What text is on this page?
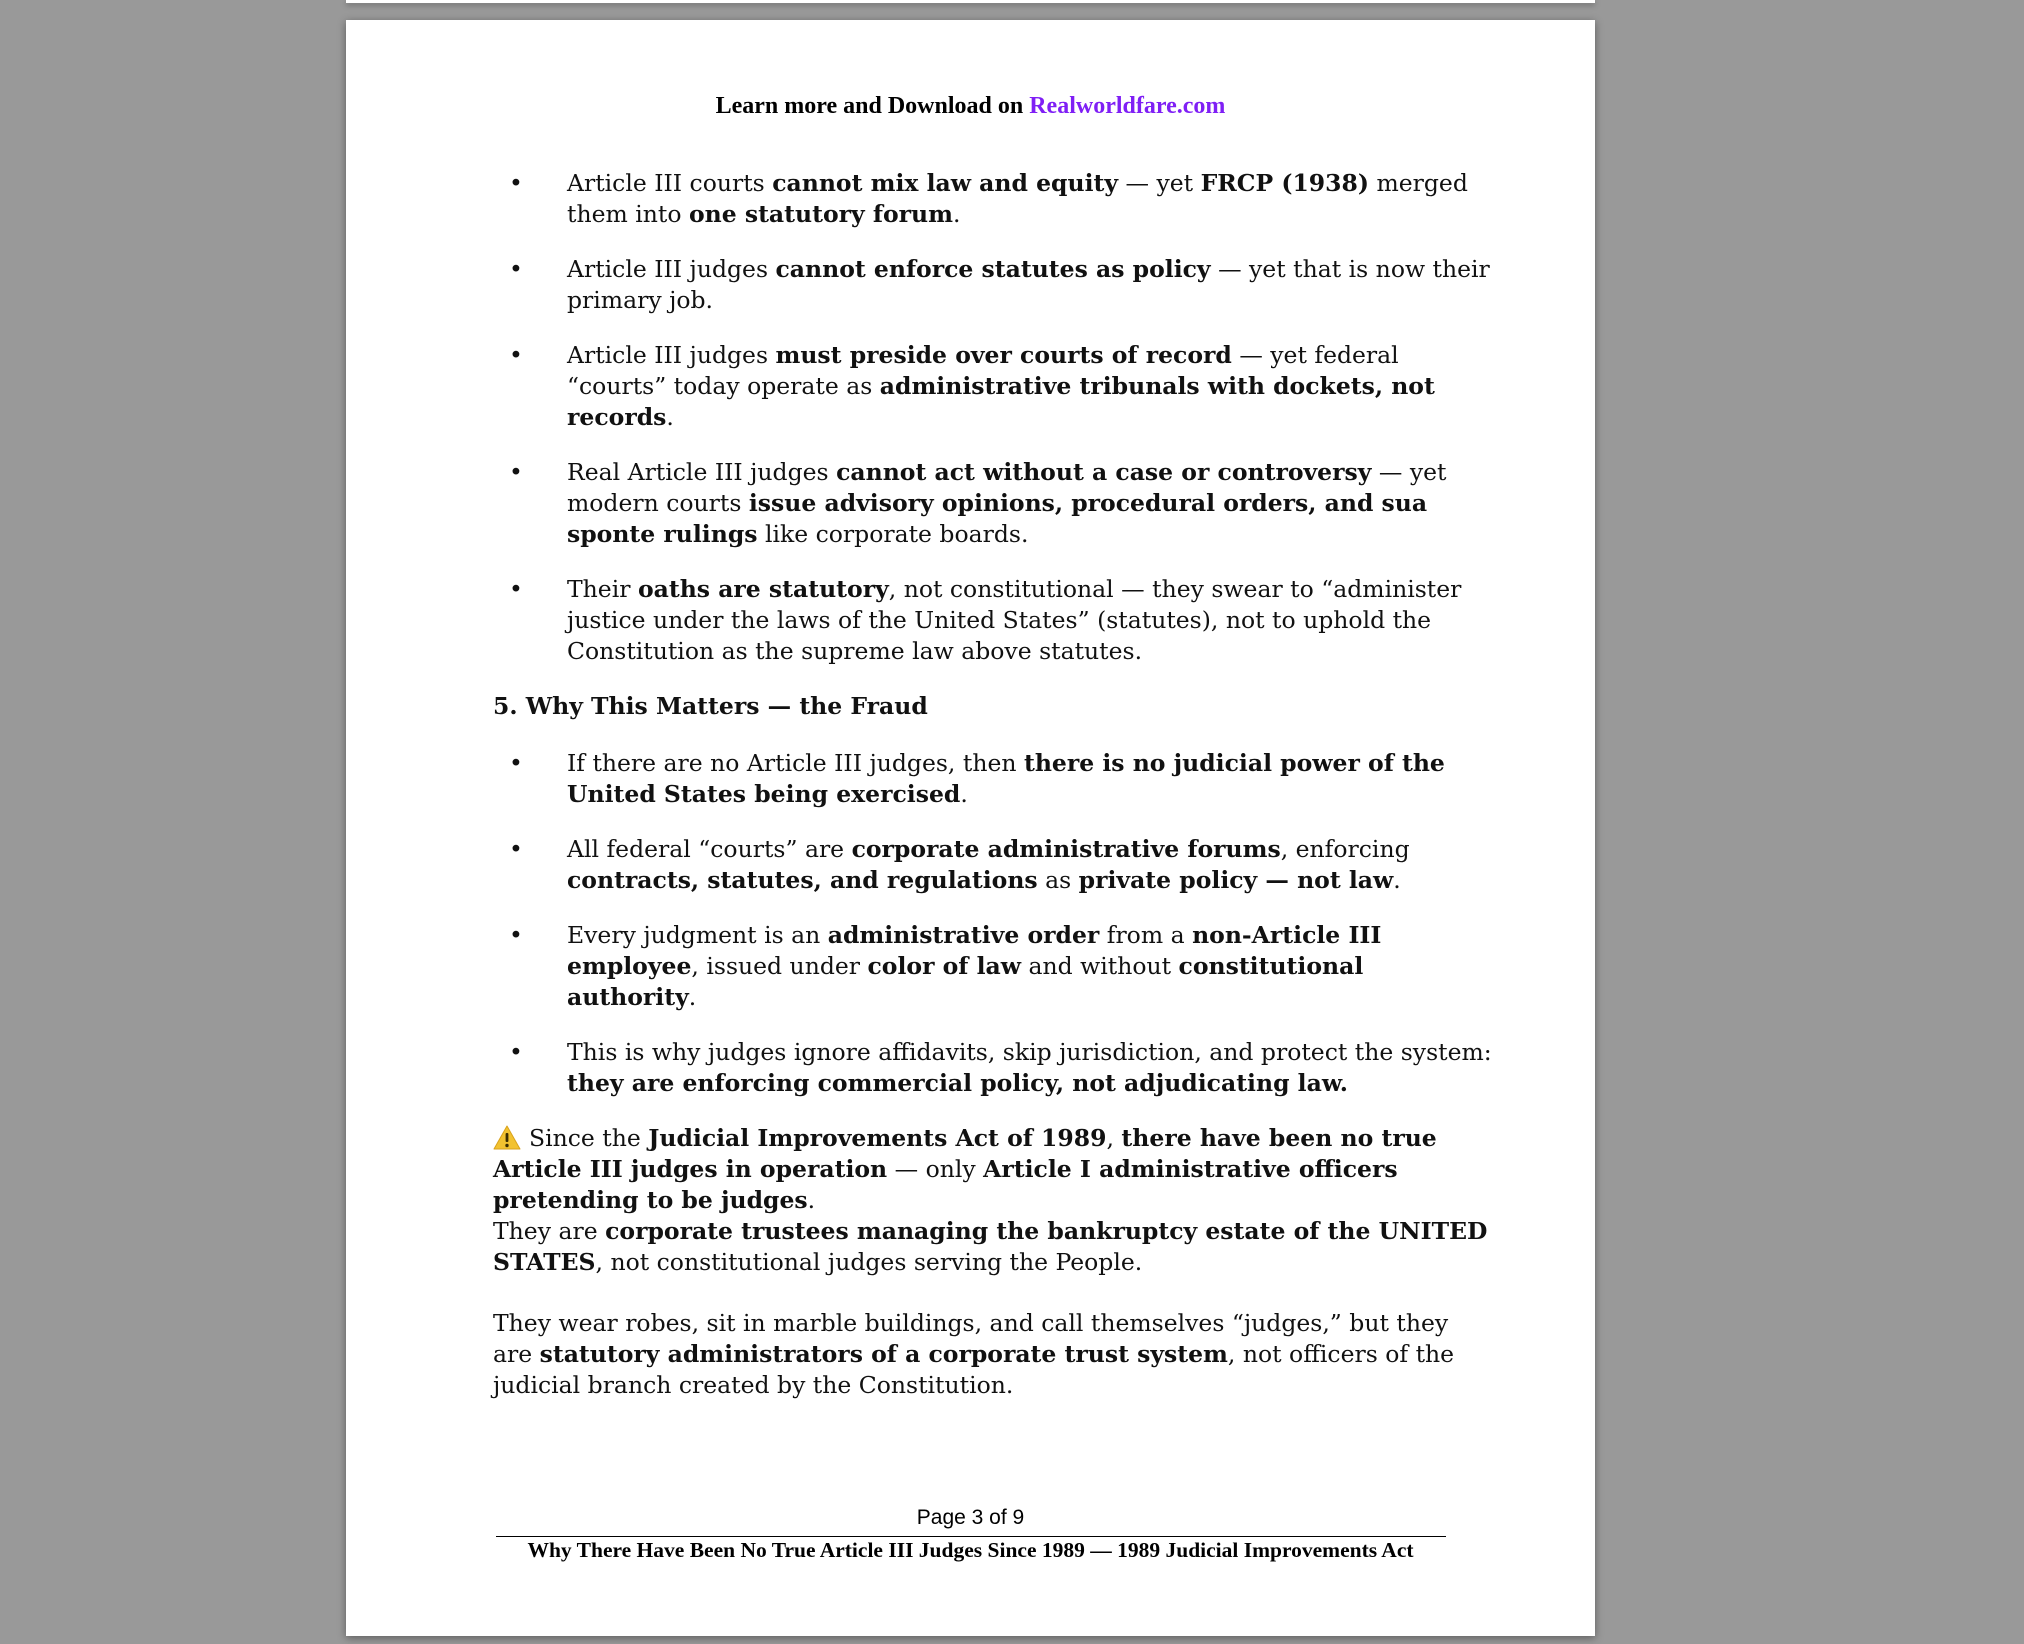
Learn more and Download on Realworldfare.com
• Article III courts cannot mix law and equity — yet FRCP (1938) merged them into one statutory forum.
• Article III judges cannot enforce statutes as policy — yet that is now their primary job.
• Article III judges must preside over courts of record — yet federal “courts” today operate as administrative tribunals with dockets, not records.
• Real Article III judges cannot act without a case or controversy — yet modern courts issue advisory opinions, procedural orders, and sua sponte rulings like corporate boards.
• Their oaths are statutory, not constitutional — they swear to “administer justice under the laws of the United States” (statutes), not to uphold the Constitution as the supreme law above statutes.
5. Why This Matters — the Fraud
• If there are no Article III judges, then there is no judicial power of the United States being exercised.
• All federal “courts” are corporate administrative forums, enforcing contracts, statutes, and regulations as private policy — not law.
• Every judgment is an administrative order from a non-Article III employee, issued under color of law and without constitutional authority.
• This is why judges ignore affidavits, skip jurisdiction, and protect the system: they are enforcing commercial policy, not adjudicating law.

Since the Judicial Improvements Act of 1989, there have been no true Article III judges in operation — only Article I administrative officers pretending to be judges.
They are corporate trustees managing the bankruptcy estate of the UNITED STATES, not constitutional judges serving the People.

They wear robes, sit in marble buildings, and call themselves “judges,” but they are statutory administrators of a corporate trust system, not officers of the judicial branch created by the Constitution.

Page 3 of 9
Why There Have Been No True Article III Judges Since 1989 — 1989 Judicial Improvements Act
